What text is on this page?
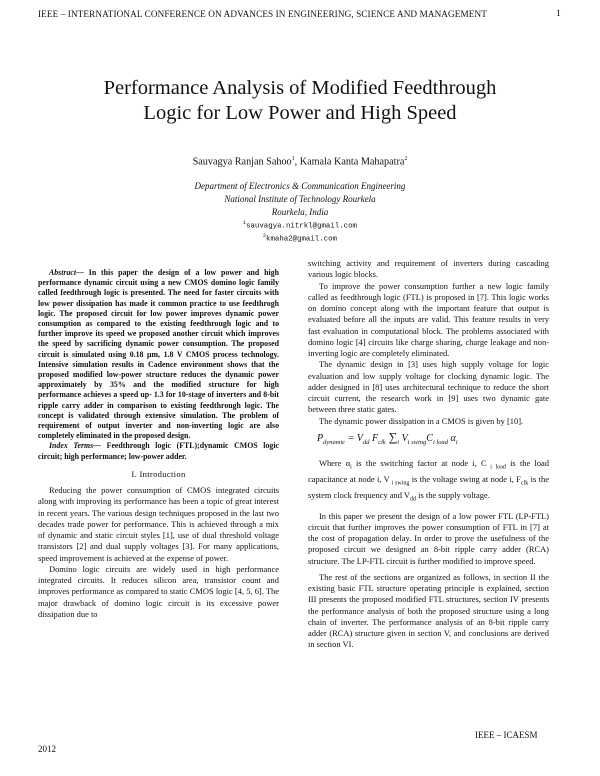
IEEE – INTERNATIONAL CONFERENCE ON ADVANCES IN ENGINEERING, SCIENCE AND MANAGEMENT	1
Performance Analysis of Modified Feedthrough
Logic for Low Power and High Speed
Sauvagya Ranjan Sahoo$^1$, Kamala Kanta Mahapatra$^2$
Department of Electronics & Communication Engineering
National Institute of Technology Rourkela
Rourkela, India
$^1$sauvagya.nitrkl@gmail.com
$^2$kmaha2@gmail.com

Abstract— In this paper the design of a low power and high performance dynamic circuit using a new CMOS domino logic family called feedthrough logic is presented. The need for faster circuits with low power dissipation has made it common practice to use feedthrogh logic. The proposed circuit for low power improves dynamic power consumption as compared to the existing feedthrough logic and to further improve its speed we proposed another circuit which improves the speed by sacrificing dynamic power consumption. The proposed circuit is simulated using 0.18 μm, 1.8 V CMOS process technology. Intensive simulation results in Cadence environment shows that the proposed modified low-power structure reduces the dynamic power approximately by 35% and the modified structure for high performance achieves a speed up- 1.3 for 10-stage of inverters and 8-bit ripple carry adder in comparison to existing feedthrough logic. The concept is validated through extensive simulation. The problem of requirement of output inverter and non-inverting logic are also completely eliminated in the proposed design.

Index Terms— Feedthrough logic (FTL);dynamic CMOS logic circuit; high performance; low-power adder.

I. Introduction

Reducing the power consumption of CMOS integrated circuits along with improving its performance has been a topic of great interest in recent years. The various design techniques proposed in the last two decades trade power for performance. This is achieved through a mix of dynamic and static circuit styles [1], use of dual threshold voltage transistors [2] and dual supply voltages [3]. For many applications, speed improvement is achieved at the expense of power.

Domino logic circuits are widely used in high performance integrated circuits. It reduces silicon area, transistor count and improves performance as compared to static CMOS logic [4, 5, 6]. The major drawback of domino logic circuit is its excessive power dissipation due to

switching activity and requirement of inverters during cascading various logic blocks.

To improve the power consumption further a new logic family called as feedthrough logic (FTL) is proposed in [7]. This logic works on domino concept along with the important feature that output is evaluated before all the inputs are valid. This feature results in very fast evaluation in computational block. The problems associated with domino logic [4] circuits like charge sharing, charge leakage and non-inverting logic are completely eliminated.

The dynamic design in [3] uses high supply voltage for logic evaluation and low supply voltage for clocking dynamic logic. The adder designed in [8] uses architectural technique to reduce the short circuit current, the research work in [9] uses two dynamic gate between three static gates.

The dynamic power dissipation in a CMOS is given by [10].

$P_{dynamic} = V_{dd}$ $F_{clk}$ $\sum_i$ $V_{i swing}C_{i load}$ $\alpha_i$

Where $\alpha_i$ is the switching factor at node i, C $_{i load}$ is the load capacitance at node i, V $_{i swing}$ is the voltage swing at node i, $F_{clk}$ is the system clock frequency and $V_{dd}$ is the supply voltage.

In this paper we present the design of a low power FTL (LP-FTL) circuit that further improves the power consumption of FTL in [7] at the cost of propagation delay. In order to prove the usefulness of the proposed circuit we designed an 8-bit ripple carry adder (RCA) structure. The LP-FTL circuit is further modified to improve speed.

The rest of the sections are organized as follows, in section II the existing basic FTL structure operating principle is explained, section III presents the proposed modified FTL structures, section IV presents the performance analysis of both the proposed structure using a long chain of inverter. The performance analysis of an 8-bit ripple carry adder (RCA) structure given in section V, and conclusions are derived in section VI.

IEEE – ICAESM
2012
